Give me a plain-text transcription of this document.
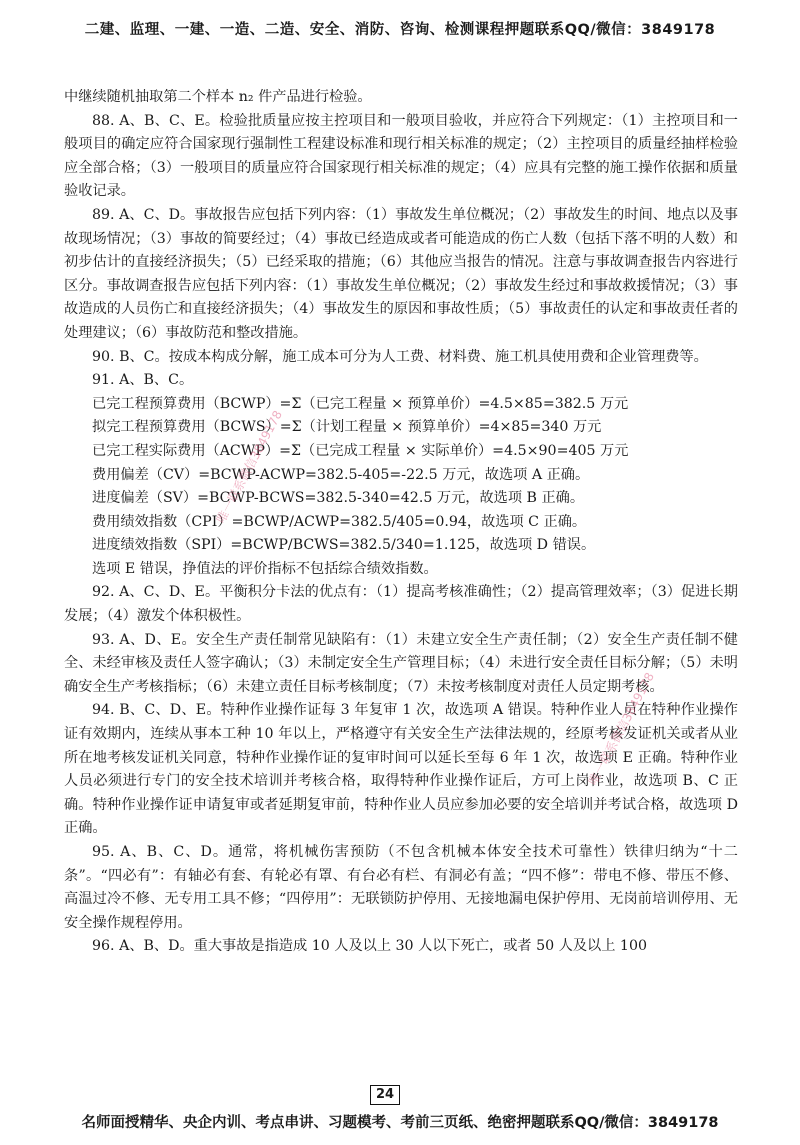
二建、监理、一建、一造、二造、安全、消防、咨询、检测课程押题联系QQ/微信：3849178

中继续随机抽取第二个样本 n₂ 件产品进行检验。

88. A、B、C、E。检验批质量应按主控项目和一般项目验收，并应符合下列规定：（1）主控项目和一般项目的确定应符合国家现行强制性工程建设标准和现行相关标准的规定；（2）主控项目的质量经抽样检验应全部合格；（3）一般项目的质量应符合国家现行相关标准的规定；（4）应具有完整的施工操作依据和质量验收记录。

89. A、C、D。事故报告应包括下列内容：（1）事故发生单位概况；（2）事故发生的时间、地点以及事故现场情况；（3）事故的简要经过；（4）事故已经造成或者可能造成的伤亡人数（包括下落不明的人数）和初步估计的直接经济损失；（5）已经采取的措施；（6）其他应当报告的情况。注意与事故调查报告内容进行区分。事故调查报告应包括下列内容：（1）事故发生单位概况；（2）事故发生经过和事故救援情况；（3）事故造成的人员伤亡和直接经济损失；（4）事故发生的原因和事故性质；（5）事故责任的认定和事故责任者的处理建议；（6）事故防范和整改措施。

90. B、C。按成本构成分解，施工成本可分为人工费、材料费、施工机具使用费和企业管理费等。

91. A、B、C。

已完工程预算费用（BCWP）=Σ（已完工程量 × 预算单价）=4.5×85=382.5 万元

拟完工程预算费用（BCWS）=Σ（计划工程量 × 预算单价）=4×85=340 万元

已完工程实际费用（ACWP）=Σ（已完成工程量 × 实际单价）=4.5×90=405 万元

费用偏差（CV）=BCWP-ACWP=382.5-405=-22.5 万元，故选项 A 正确。

进度偏差（SV）=BCWP-BCWS=382.5-340=42.5 万元，故选项 B 正确。

费用绩效指数（CPI）=BCWP/ACWP=382.5/405=0.94，故选项 C 正确。

进度绩效指数（SPI）=BCWP/BCWS=382.5/340=1.125，故选项 D 错误。

选项 E 错误，挣值法的评价指标不包括综合绩效指数。

92. A、C、D、E。平衡积分卡法的优点有：（1）提高考核准确性；（2）提高管理效率；（3）促进长期发展；（4）激发个体积极性。

93. A、D、E。安全生产责任制常见缺陷有：（1）未建立安全生产责任制；（2）安全生产责任制不健全、未经审核及责任人签字确认；（3）未制定安全生产管理目标；（4）未进行安全责任目标分解；（5）未明确安全生产考核指标；（6）未建立责任目标考核制度；（7）未按考核制度对责任人员定期考核。

94. B、C、D、E。特种作业操作证每 3 年复审 1 次，故选项 A 错误。特种作业人员在特种作业操作证有效期内，连续从事本工种 10 年以上，严格遵守有关安全生产法律法规的，经原考核发证机关或者从业所在地考核发证机关同意，特种作业操作证的复审时间可以延长至每 6 年 1 次，故选项 E 正确。特种作业人员必须进行专门的安全技术培训并考核合格，取得特种作业操作证后，方可上岗作业，故选项 B、C 正确。特种作业操作证申请复审或者延期复审前，特种作业人员应参加必要的安全培训并考试合格，故选项 D 正确。

95. A、B、C、D。通常，将机械伤害预防（不包含机械本体安全技术可靠性）铁律归纳为“十二条”。“四必有”：有轴必有套、有轮必有罩、有台必有栏、有洞必有盖；“四不修”：带电不修、带压不修、高温过冷不修、无专用工具不修；“四停用”：无联锁防护停用、无接地漏电保护停用、无岗前培训停用、无安全操作规程停用。

96. A、B、D。重大事故是指造成 10 人及以上 30 人以下死亡，或者 50 人及以上 100

唯一联系微信3849178
唯一联系微信3849178
24
名师面授精华、央企内训、考点串讲、习题模考、考前三页纸、绝密押题联系QQ/微信：3849178
